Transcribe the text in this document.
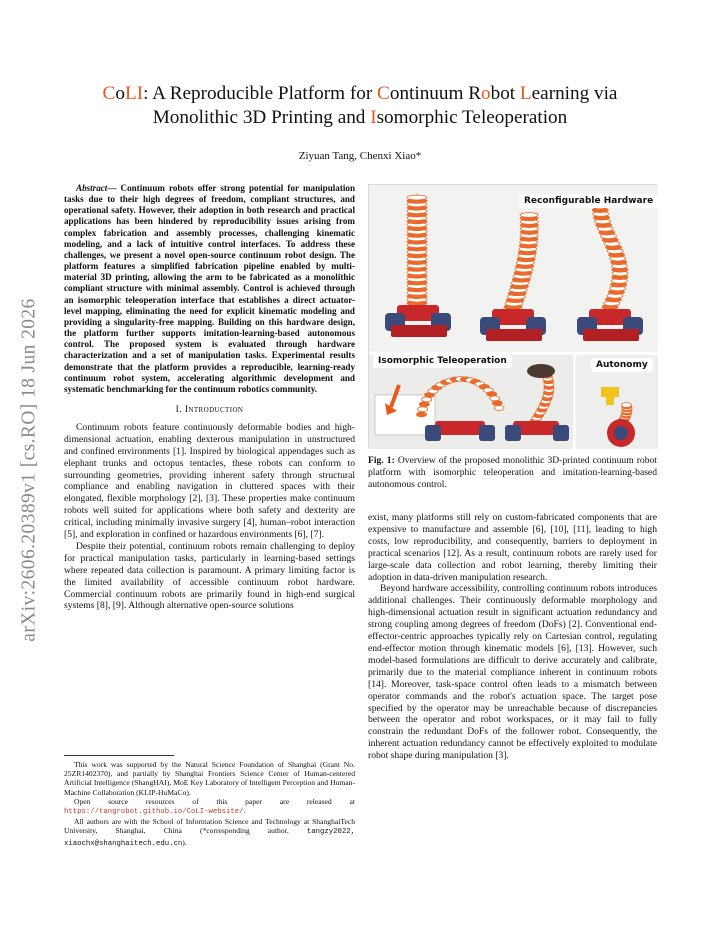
arXiv:2606.20389v1 [cs.RO] 18 Jun 2026
CoLI: A Reproducible Platform for Continuum Robot Learning via
Monolithic 3D Printing and Isomorphic Teleoperation
Ziyuan Tang, Chenxi Xiao*

Abstract— Continuum robots offer strong potential for manipulation tasks due to their high degrees of freedom, compliant structures, and operational safety. However, their adoption in both research and practical applications has been hindered by reproducibility issues arising from complex fabrication and assembly processes, challenging kinematic modeling, and a lack of intuitive control interfaces. To address these challenges, we present a novel open-source continuum robot design. The platform features a simplified fabrication pipeline enabled by multi-material 3D printing, allowing the arm to be fabricated as a monolithic compliant structure with minimal assembly. Control is achieved through an isomorphic teleoperation interface that establishes a direct actuator-level mapping, eliminating the need for explicit kinematic modeling and providing a singularity-free mapping. Building on this hardware design, the platform further supports imitation-learning-based autonomous control. The proposed system is evaluated through hardware characterization and a set of manipulation tasks. Experimental results demonstrate that the platform provides a reproducible, learning-ready continuum robot system, accelerating algorithmic development and systematic benchmarking for the continuum robotics community.

I. Introduction

Continuum robots feature continuously deformable bodies and high-dimensional actuation, enabling dexterous manipulation in unstructured and confined environments [1]. Inspired by biological appendages such as elephant trunks and octopus tentacles, these robots can conform to surrounding geometries, providing inherent safety through structural compliance and enabling navigation in cluttered spaces with their elongated, flexible morphology [2], [3]. These properties make continuum robots well suited for applications where both safety and dexterity are critical, including minimally invasive surgery [4], human–robot interaction [5], and exploration in confined or hazardous environments [6], [7].

Despite their potential, continuum robots remain challenging to deploy for practical manipulation tasks, particularly in learning-based settings where repeated data collection is paramount. A primary limiting factor is the limited availability of accessible continuum robot hardware. Commercial continuum robots are primarily found in high-end surgical systems [8], [9]. Although alternative open-source solutions

This work was supported by the Natural Science Foundation of Shanghai (Grant No. 25ZR1402370), and partially by Shanghai Frontiers Science Center of Human-centered Artificial Intelligence (ShangHAI), MoE Key Laboratory of Intelligent Perception and Human-Machine Collaboration (KLIP-HuMaCo).

Open source resources of this paper are released at https://tangrobot.github.io/CoLI-website/.

All authors are with the School of Information Science and Technology at ShanghaiTech University, Shanghai, China (*corresponding author, tangzy2022, xiaochx@shanghaitech.edu.cn).

Reconfigurable Hardware
Isomorphic Teleoperation	Autonomy
Fig. 1: Overview of the proposed monolithic 3D-printed continuum robot platform with isomorphic teleoperation and imitation-learning-based autonomous control.

exist, many platforms still rely on custom-fabricated components that are expensive to manufacture and assemble [6], [10], [11], leading to high costs, low reproducibility, and consequently, barriers to deployment in practical scenarios [12]. As a result, continuum robots are rarely used for large-scale data collection and robot learning, thereby limiting their adoption in data-driven manipulation research.

Beyond hardware accessibility, controlling continuum robots introduces additional challenges. Their continuously deformable morphology and high-dimensional actuation result in significant actuation redundancy and strong coupling among degrees of freedom (DoFs) [2]. Conventional end-effector-centric approaches typically rely on Cartesian control, regulating end-effector motion through kinematic models [6], [13]. However, such model-based formulations are difficult to derive accurately and calibrate, primarily due to the material compliance inherent in continuum robots [14]. Moreover, task-space control often leads to a mismatch between operator commands and the robot's actuation space. The target pose specified by the operator may be unreachable because of discrepancies between the operator and robot workspaces, or it may fail to fully constrain the redundant DoFs of the follower robot. Consequently, the inherent actuation redundancy cannot be effectively exploited to modulate robot shape during manipulation [3].
